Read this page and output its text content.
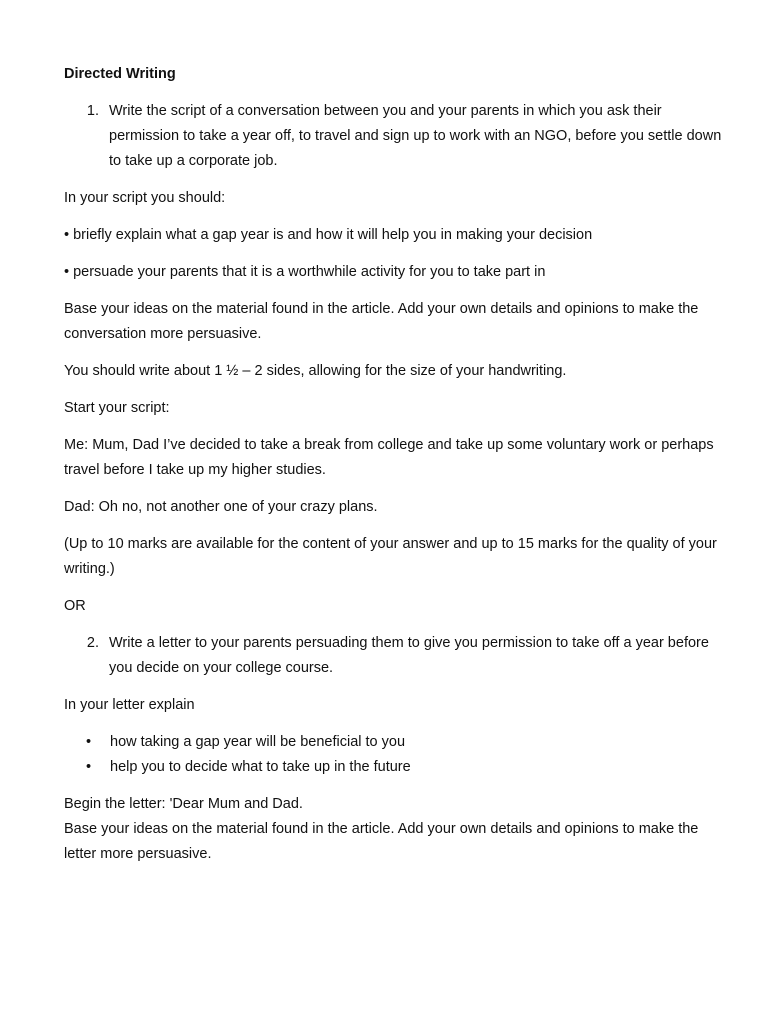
Directed Writing
1. Write the script of a conversation between you and your parents in which you ask their permission to take a year off, to travel and sign up to work with an NGO, before you settle down to take up a corporate job.

In your script you should:

• briefly explain what a gap year is and how it will help you in making your decision

• persuade your parents that it is a worthwhile activity for you to take part in

Base your ideas on the material found in the article. Add your own details and opinions to make the conversation more persuasive.

You should write about 1 ½ – 2 sides, allowing for the size of your handwriting.

Start your script:

Me: Mum, Dad I’ve decided to take a break from college and take up some voluntary work or perhaps travel before I take up my higher studies.

Dad: Oh no, not another one of your crazy plans.

(Up to 10 marks are available for the content of your answer and up to 15 marks for the quality of your writing.)

OR

2. Write a letter to your parents persuading them to give you permission to take off a year before you decide on your college course.

In your letter explain

•	how taking a gap year will be beneficial to you
•	help you to decide what to take up in the future

Begin the letter: 'Dear Mum and Dad.

Base your ideas on the material found in the article. Add your own details and opinions to make the letter more persuasive.
